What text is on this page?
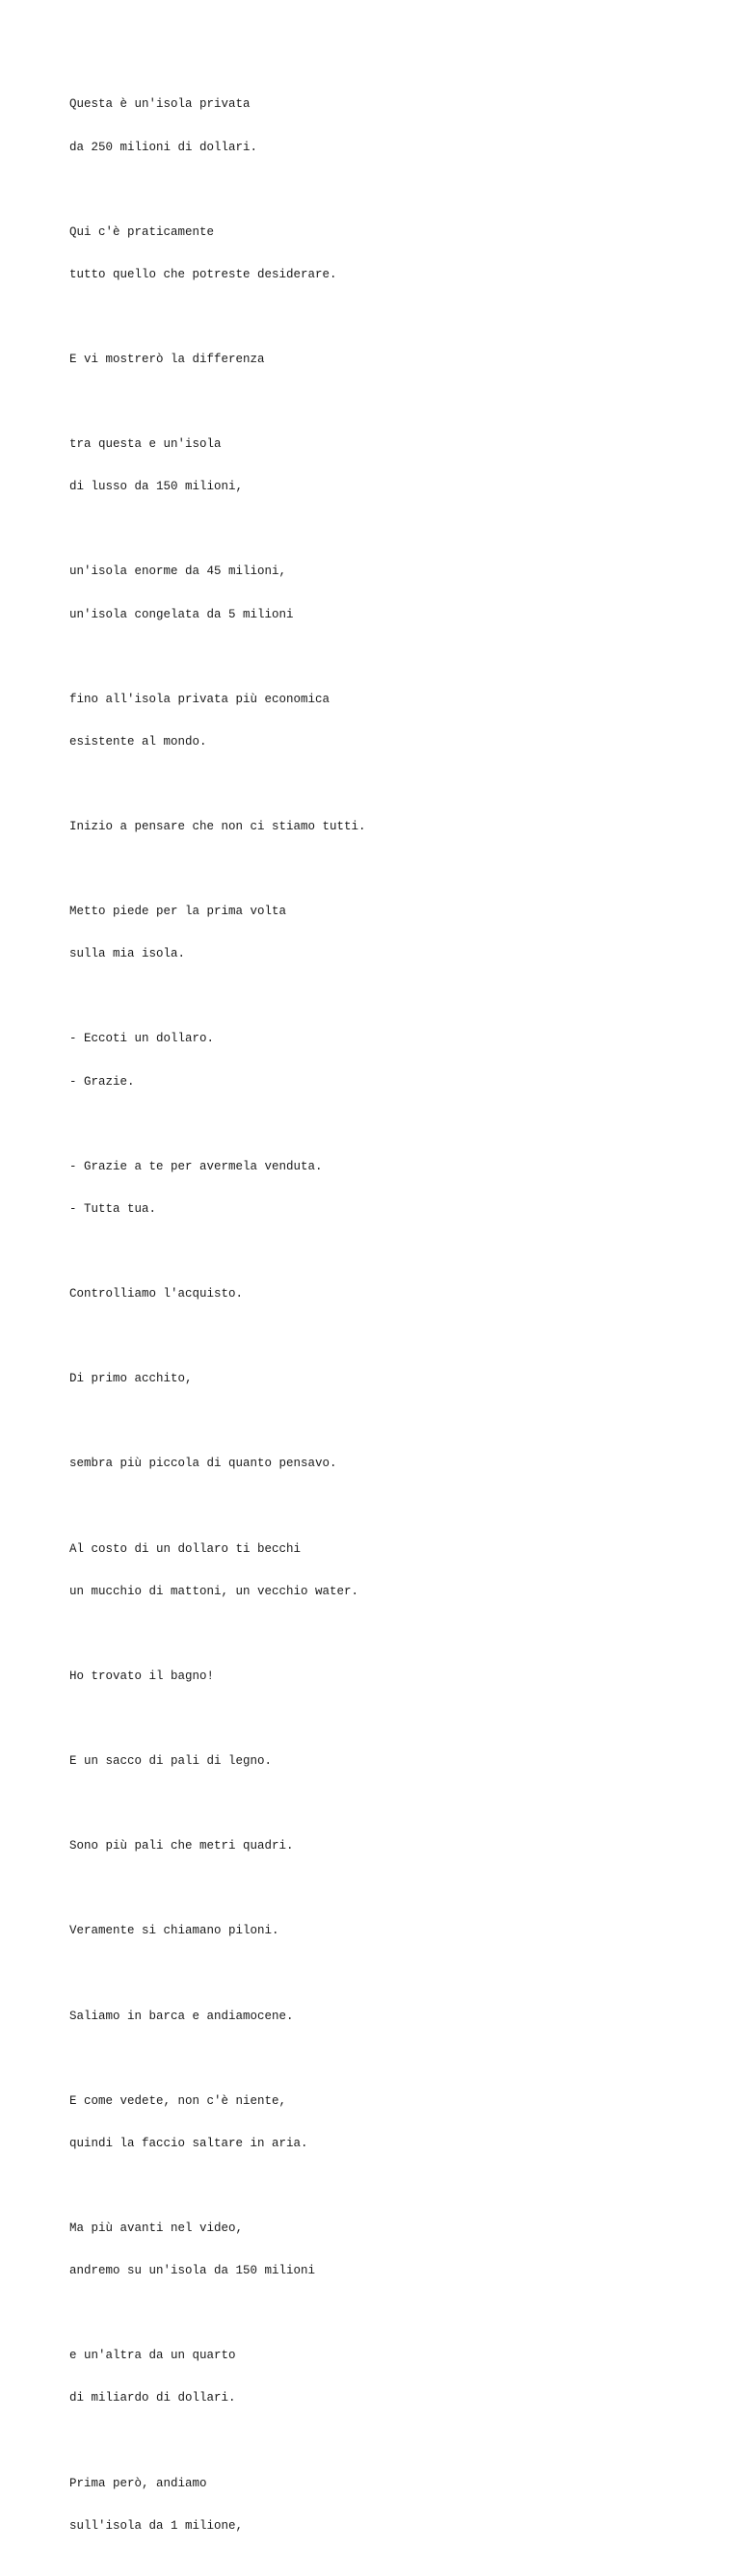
Questa è un'isola privata

da 250 milioni di dollari.

Qui c'è praticamente

tutto quello che potreste desiderare.

E vi mostrerò la differenza

tra questa e un'isola

di lusso da 150 milioni,

un'isola enorme da 45 milioni,

un'isola congelata da 5 milioni

fino all'isola privata più economica

esistente al mondo.

Inizio a pensare che non ci stiamo tutti.

Metto piede per la prima volta

sulla mia isola.

- Eccoti un dollaro.

- Grazie.

- Grazie a te per avermela venduta.

- Tutta tua.

Controlliamo l'acquisto.

Di primo acchito,

sembra più piccola di quanto pensavo.

Al costo di un dollaro ti becchi

un mucchio di mattoni, un vecchio water.

Ho trovato il bagno!

E un sacco di pali di legno.

Sono più pali che metri quadri.

Veramente si chiamano piloni.

Saliamo in barca e andiamocene.

E come vedete, non c'è niente,

quindi la faccio saltare in aria.

Ma più avanti nel video,

andremo su un'isola da 150 milioni

e un'altra da un quarto

di miliardo di dollari.

Prima però, andiamo

sull'isola da 1 milione,
